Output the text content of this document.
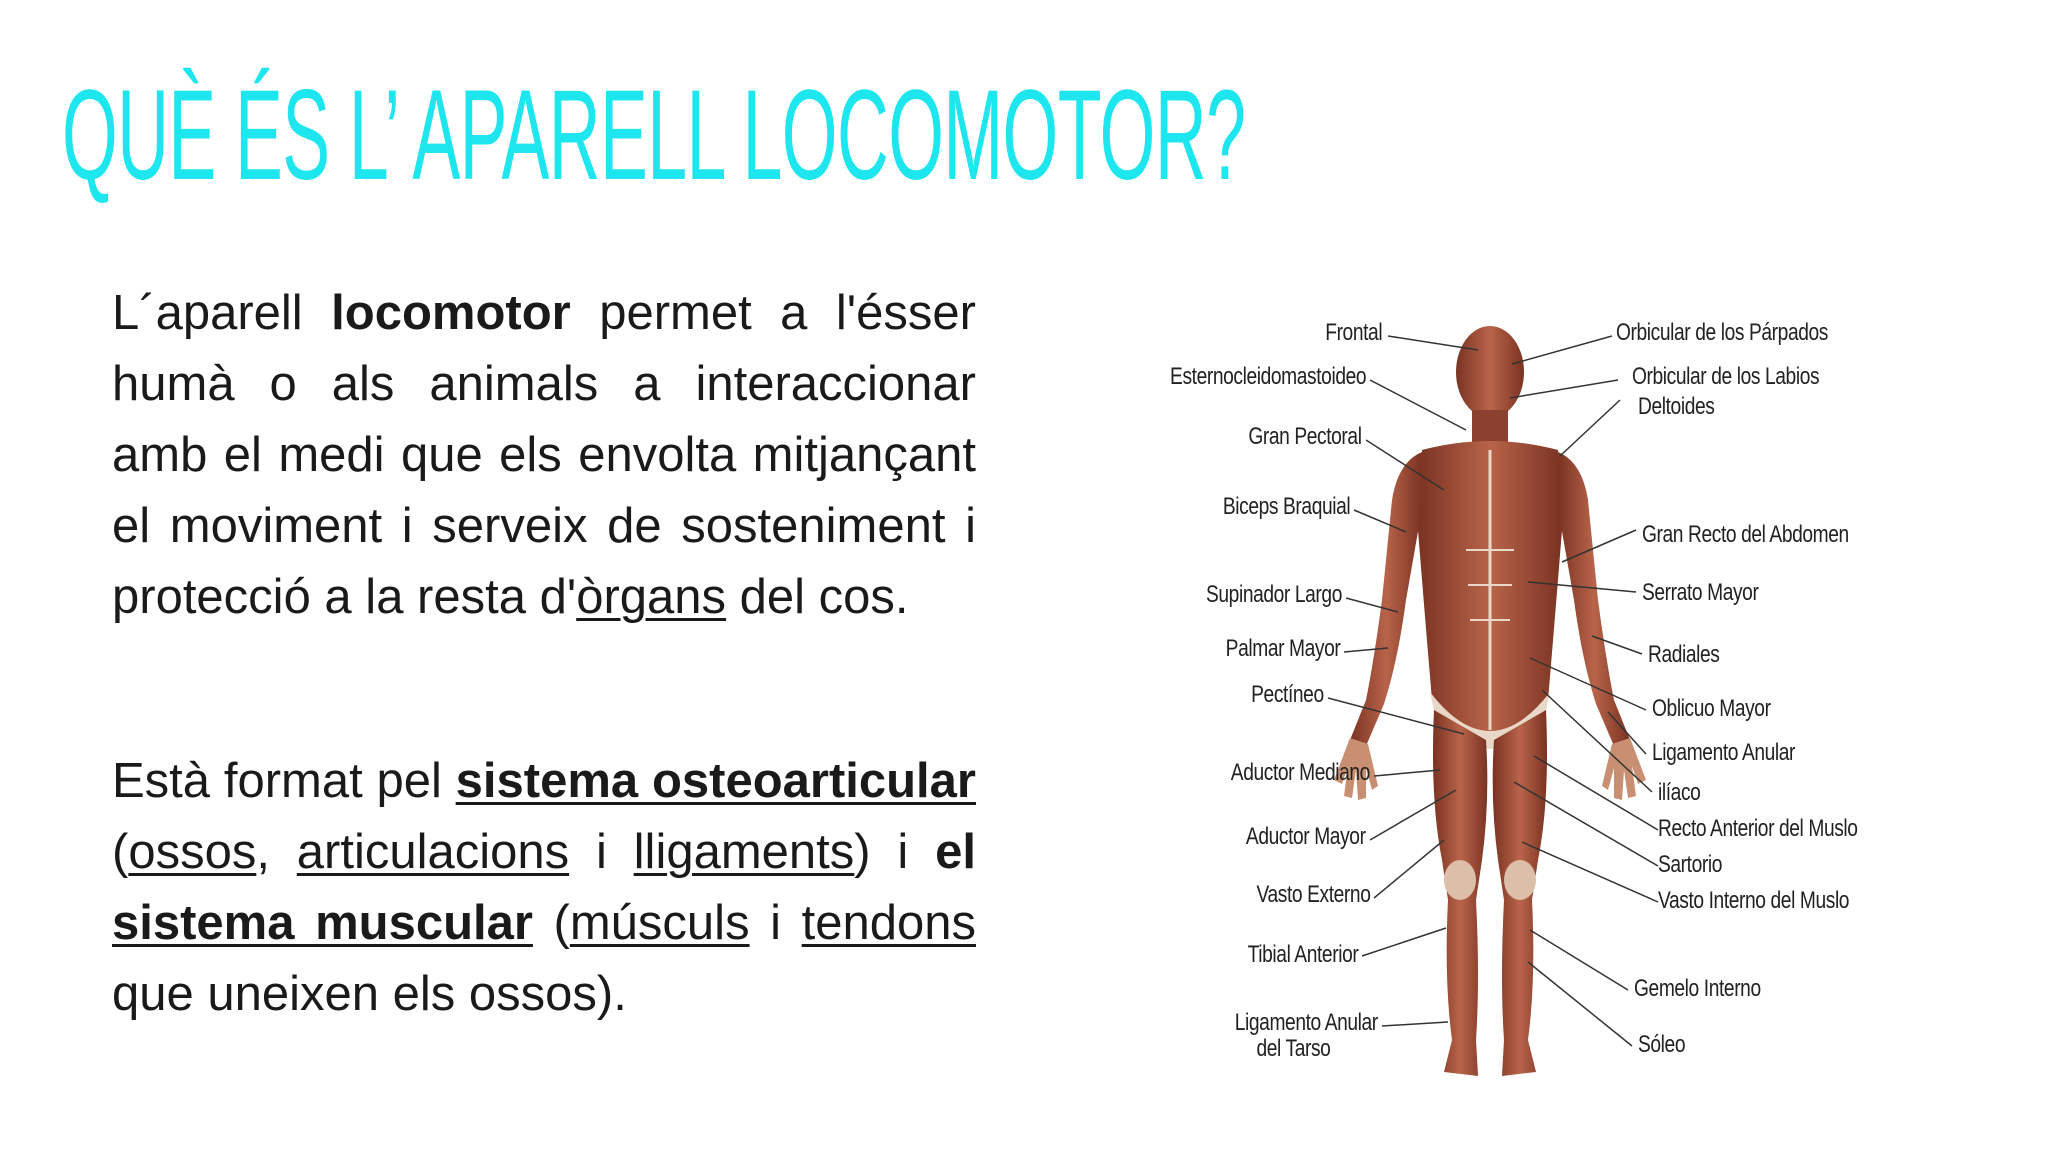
QUÈ ÉS L’ APARELL LOCOMOTOR?

L´aparell locomotor permet a l'ésser humà o als animals a interaccionar amb el medi que els envolta mitjançant el moviment i serveix de sosteniment i protecció a la resta d'òrgans del cos.

Està format pel sistema osteoarticular (ossos, articulacions i lligaments) i el sistema muscular (músculs i tendons que uneixen els ossos).

Frontal
Esternocleidomastoideo
Gran Pectoral
Biceps Braquial
Supinador Largo
Palmar Mayor
Pectíneo
Aductor Mediano
Aductor Mayor
Vasto Externo
Tibial Anterior
Ligamento Anular
del Tarso
Orbicular de los Párpados
Orbicular de los Labios
Deltoides
Gran Recto del Abdomen
Serrato Mayor
Radiales
Oblicuo Mayor
Ligamento Anular
ilíaco
Recto Anterior del Muslo
Sartorio
Vasto Interno del Muslo
Gemelo Interno
Sóleo
